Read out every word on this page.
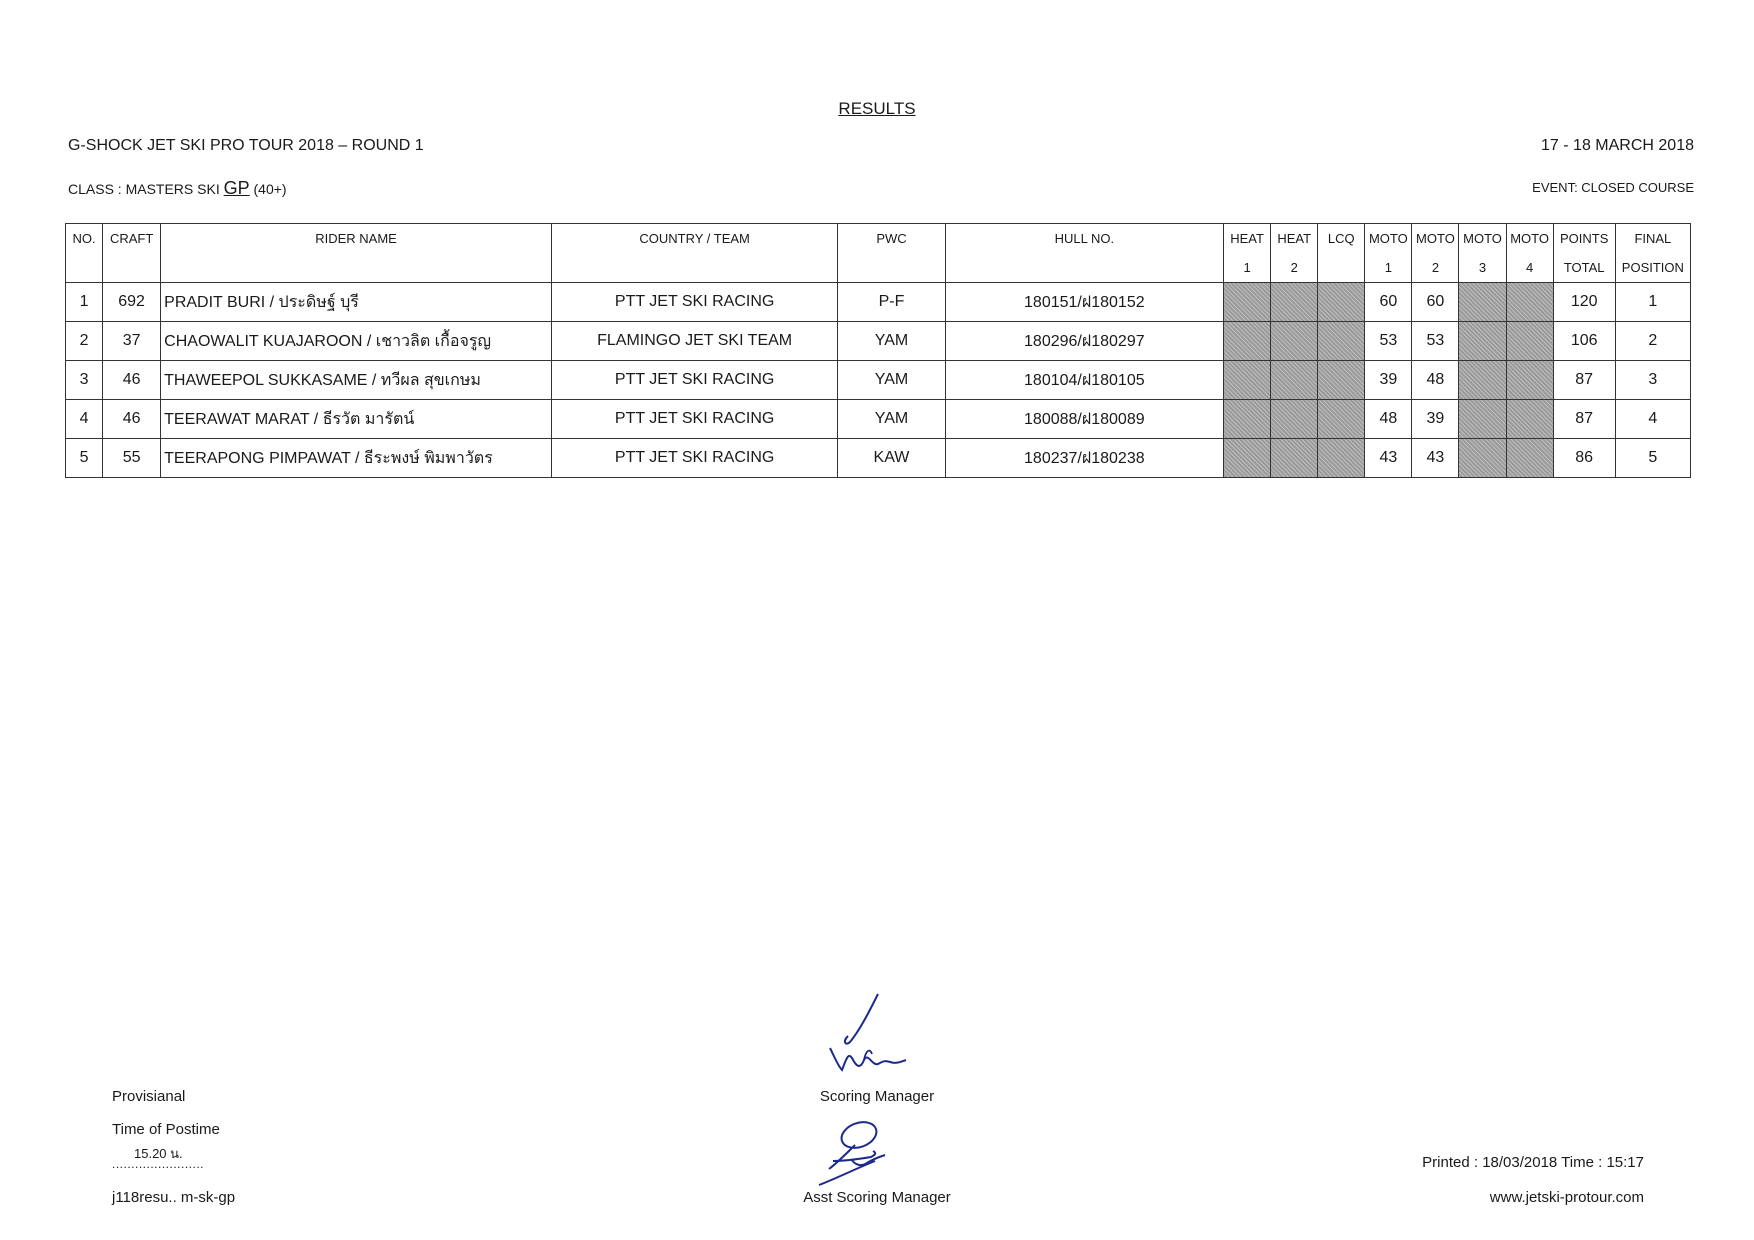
RESULTS
G-SHOCK JET SKI PRO TOUR 2018 – ROUND 1	17 - 18 MARCH 2018
CLASS : MASTERS SKI GP (40+)	EVENT: CLOSED COURSE
NO.	CRAFT	RIDER NAME	COUNTRY / TEAM	PWC	HULL NO.	HEAT	HEAT	LCQ	MOTO	MOTO	MOTO	MOTO	POINTS	FINAL
						1	2		1	2	3	4	TOTAL	POSITION
1	692	PRADIT BURI / ประดิษฐ์ บุรี	PTT JET SKI RACING	P-F	180151/ฝ180152				60	60			120	1
2	37	CHAOWALIT KUAJAROON / เชาวลิต เกื้อจรูญ	FLAMINGO JET SKI TEAM	YAM	180296/ฝ180297				53	53			106	2
3	46	THAWEEPOL SUKKASAME / ทวีผล สุขเกษม	PTT JET SKI RACING	YAM	180104/ฝ180105				39	48			87	3
4	46	TEERAWAT MARAT / ธีรวัต มารัตน์	PTT JET SKI RACING	YAM	180088/ฝ180089				48	39			87	4
5	55	TEERAPONG PIMPAWAT / ธีระพงษ์ พิมพาวัตร	PTT JET SKI RACING	KAW	180237/ฝ180238				43	43			86	5
Provisianal
Time of Postime
15.20 น.
........................
j118resu.. m-sk-gp
Scoring Manager
Asst Scoring Manager
Printed : 18/03/2018 Time : 15:17
www.jetski-protour.com
